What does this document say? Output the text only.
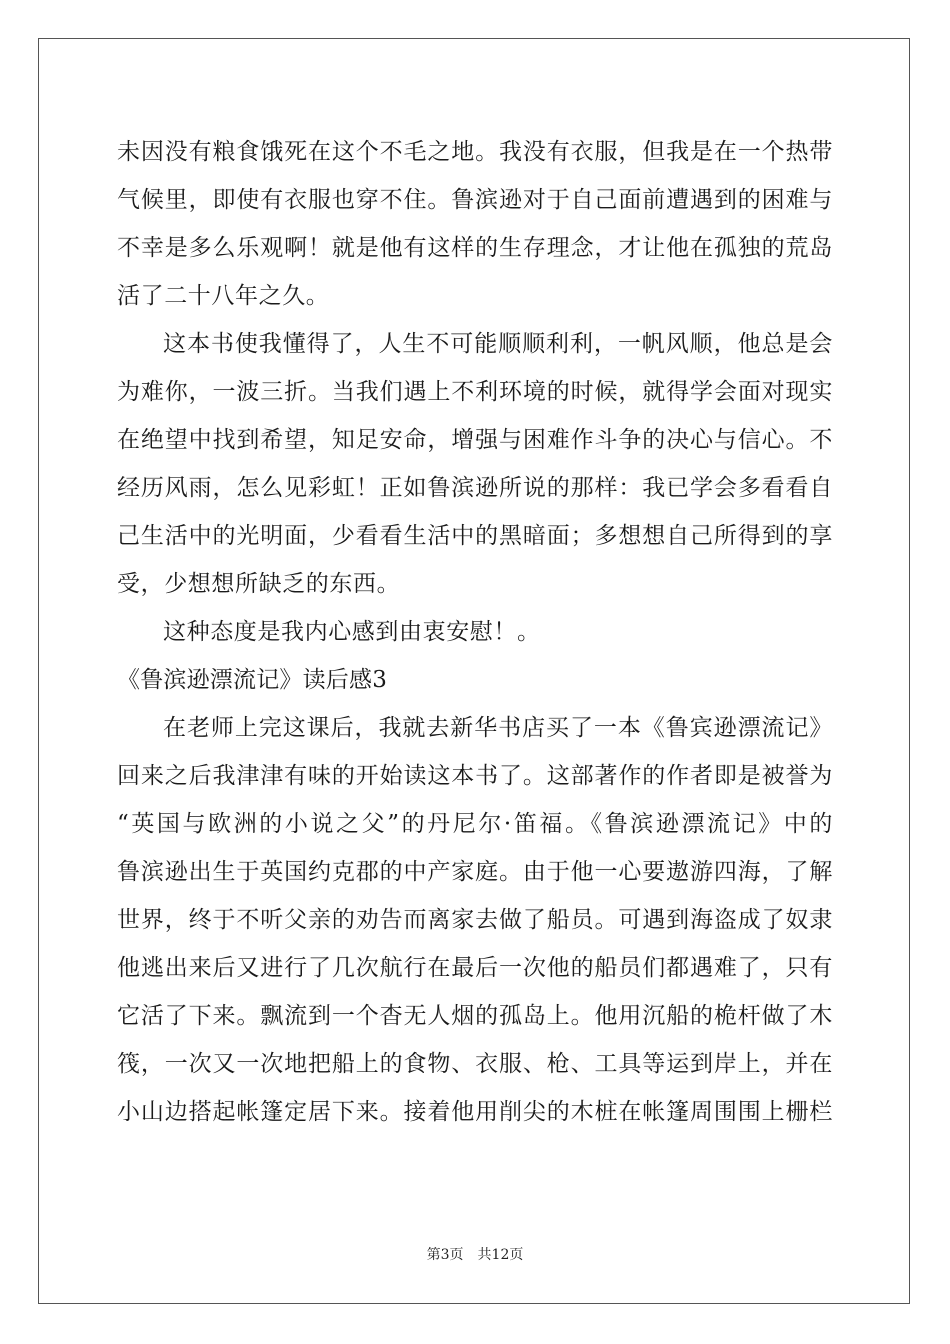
未因没有粮食饿死在这个不毛之地。我没有衣服，但我是在一个热带
气候里，即使有衣服也穿不住。鲁滨逊对于自己面前遭遇到的困难与
不幸是多么乐观啊！就是他有这样的生存理念，才让他在孤独的荒岛
活了二十八年之久。
这本书使我懂得了，人生不可能顺顺利利，一帆风顺，他总是会
为难你，一波三折。当我们遇上不利环境的时候，就得学会面对现实
在绝望中找到希望，知足安命，增强与困难作斗争的决心与信心。不
经历风雨，怎么见彩虹！正如鲁滨逊所说的那样：我已学会多看看自
己生活中的光明面，少看看生活中的黑暗面；多想想自己所得到的享
受，少想想所缺乏的东西。
这种态度是我内心感到由衷安慰！。
《鲁滨逊漂流记》读后感3
在老师上完这课后，我就去新华书店买了一本《鲁宾逊漂流记》
回来之后我津津有味的开始读这本书了。这部著作的作者即是被誉为
“英国与欧洲的小说之父”的丹尼尔·笛福。《鲁滨逊漂流记》中的
鲁滨逊出生于英国约克郡的中产家庭。由于他一心要遨游四海，了解
世界，终于不听父亲的劝告而离家去做了船员。可遇到海盗成了奴隶
他逃出来后又进行了几次航行在最后一次他的船员们都遇难了，只有
它活了下来。飘流到一个杳无人烟的孤岛上。他用沉船的桅杆做了木
筏，一次又一次地把船上的食物、衣服、枪、工具等运到岸上，并在
小山边搭起帐篷定居下来。接着他用削尖的木桩在帐篷周围围上栅栏
第3页 共12页
